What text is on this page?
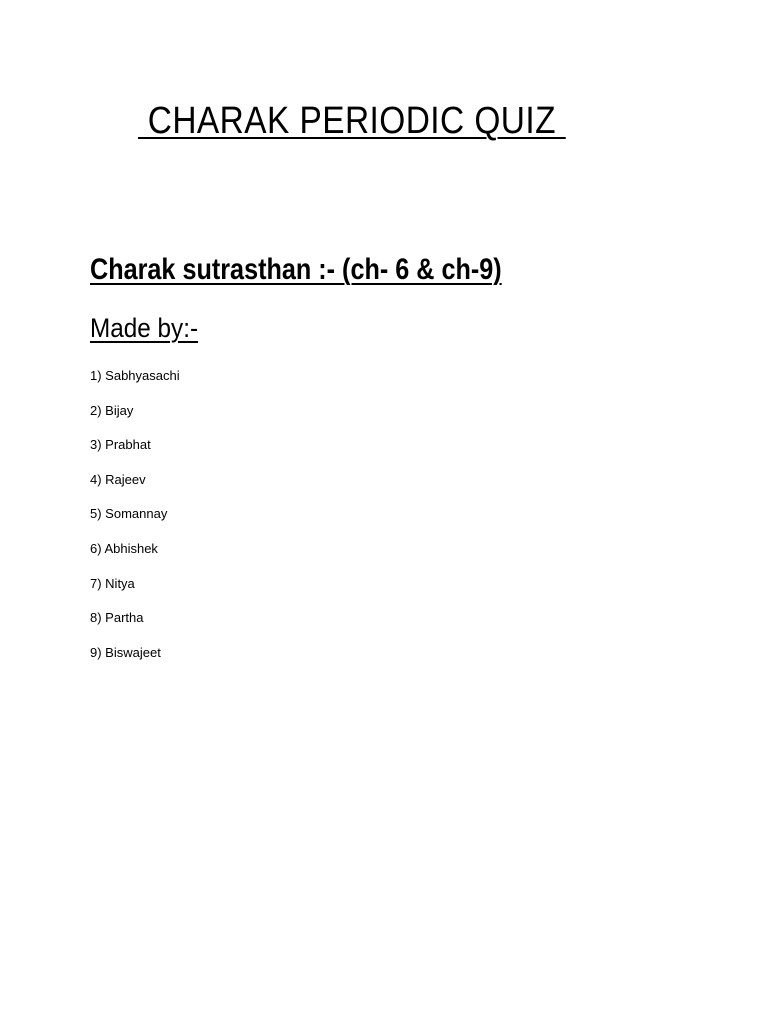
CHARAK PERIODIC QUIZ
Charak sutrasthan :- (ch- 6 & ch-9)
Made by:-
1) Sabhyasachi
2) Bijay
3) Prabhat
4) Rajeev
5) Somannay
6) Abhishek
7) Nitya
8) Partha
9) Biswajeet
